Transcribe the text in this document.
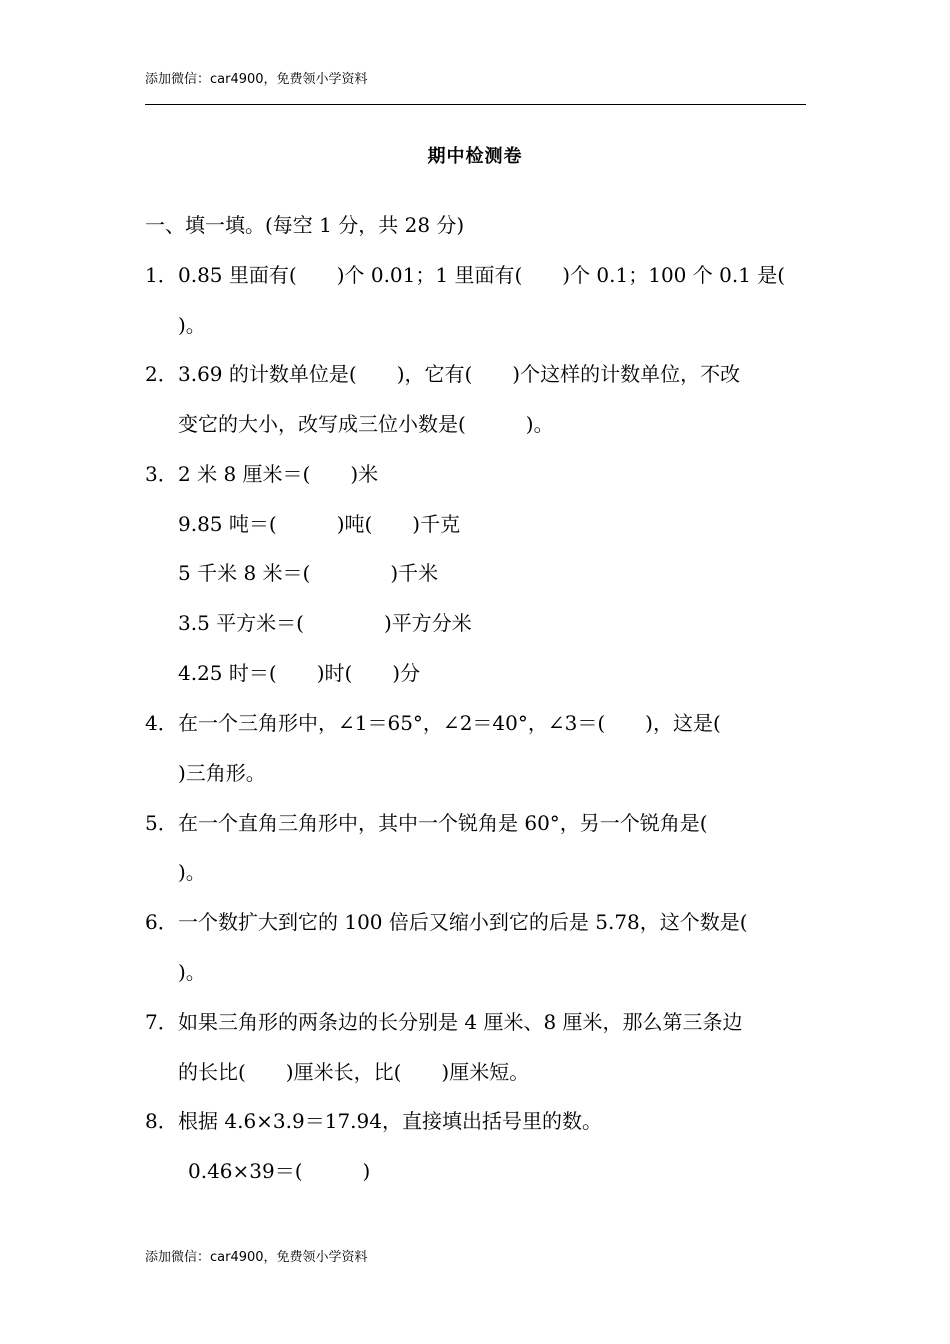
添加微信：car4900，免费领小学资料
期中检测卷
一、填一填。(每空 1 分，共 28 分)
1．0.85 里面有(　　)个 0.01；1 里面有(　　)个 0.1；100 个 0.1 是(
)。
2．3.69 的计数单位是(　　)，它有(　　)个这样的计数单位，不改
变它的大小，改写成三位小数是(　　　)。
3．2 米 8 厘米＝(　　)米
9.85 吨＝(　　　)吨(　　)千克
5 千米 8 米＝(　　　　)千米
3.5 平方米＝(　　　　)平方分米
4.25 时＝(　　)时(　　)分
4．在一个三角形中，∠1＝65°，∠2＝40°，∠3＝(　　)，这是(
)三角形。
5．在一个直角三角形中，其中一个锐角是 60°，另一个锐角是(
)。
6．一个数扩大到它的 100 倍后又缩小到它的后是 5.78，这个数是(
)。
7．如果三角形的两条边的长分别是 4 厘米、8 厘米，那么第三条边
的长比(　　)厘米长，比(　　)厘米短。
8．根据 4.6×3.9＝17.94，直接填出括号里的数。
0.46×39＝(　　　)
添加微信：car4900，免费领小学资料
